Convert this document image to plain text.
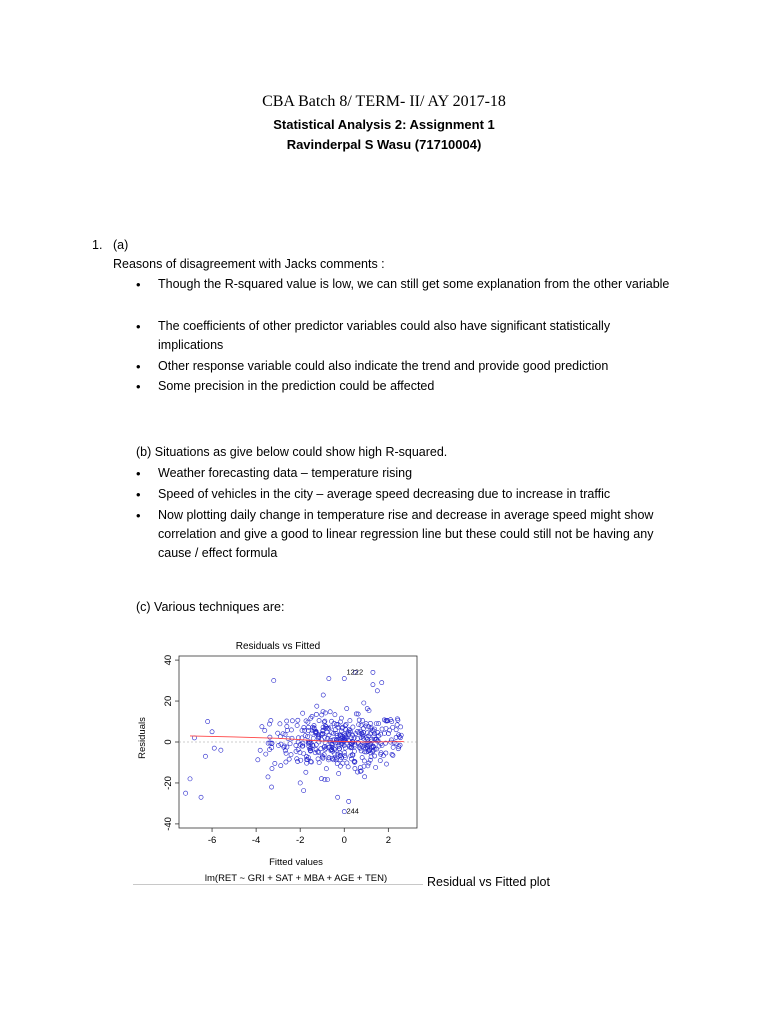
CBA Batch 8/ TERM- II/ AY 2017-18
Statistical Analysis 2: Assignment 1
Ravinderpal S Wasu (71710004)
1. (a)
Reasons of disagreement with Jacks comments :
• Though the R-squared value is low, we can still get some explanation from the other variable
• The coefficients of other predictor variables could also have significant statistically implications
• Other response variable could also indicate the trend and provide good prediction
• Some precision in the prediction could be affected
(b) Situations as give below could show high R-squared.
• Weather forecasting data – temperature rising
• Speed of vehicles in the city – average speed decreasing due to increase in traffic
• Now plotting daily change in temperature rise and decrease in average speed might show correlation and give a good to linear regression line but these could still not be having any cause / effect formula
(c) Various techniques are:
Residuals vs Fitted
-6	-4	-2	0	2
-40
-20
0
20
40
1222
244
Fitted values
lm(RET ~ GRI + SAT + MBA + AGE + TEN)
Residuals
Residual vs Fitted plot
